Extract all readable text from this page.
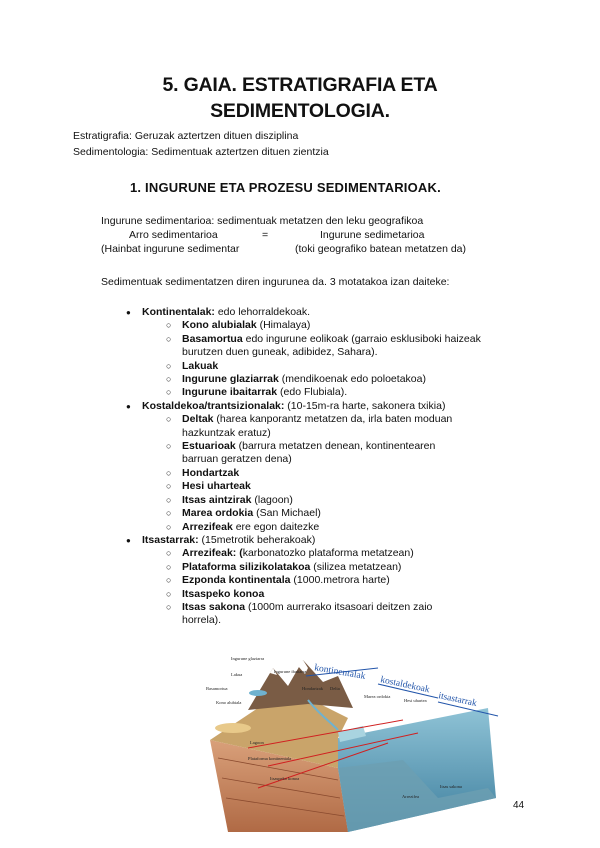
5. GAIA. ESTRATIGRAFIA ETA
SEDIMENTOLOGIA.
Estratigrafia: Geruzak aztertzen dituen disziplina
Sedimentologia: Sedimentuak aztertzen dituen zientzia
1. INGURUNE ETA PROZESU SEDIMENTARIOAK.
Ingurune sedimentarioa: sedimentuak metatzen den leku geografikoa
Arro sedimentarioa	=	Ingurune sedimetarioa
(Hainbat ingurune sedimentar	(toki geografiko batean metatzen da)
Sedimentuak sedimentatzen diren ingurunea da. 3 motatakoa izan daiteke:
● Kontinentalak: edo lehorraldekoak.
○ Kono alubialak (Himalaya)
○ Basamortua edo ingurune eolikoak (garraio esklusiboki haizeak burutzen duen guneak, adibidez, Sahara).
○ Lakuak
○ Ingurune glaziarrak (mendikoenak edo poloetakoa)
○ Ingurune ibaitarrak (edo Flubiala).
● Kostaldekoa/trantsizionalak: (10-15m-ra harte, sakonera txikia)
○ Deltak (harea kanporantz metatzen da, irla baten moduan hazkuntzak eratuz)
○ Estuarioak (barrura metatzen denean, kontinentearen barruan geratzen dena)
○ Hondartzak
○ Hesi uharteak
○ Itsas aintzirak (lagoon)
○ Marea ordokia (San Michael)
○ Arrezifeak ere egon daitezke
● Itsastarrak: (15metrotik beherakoak)
○ Arrezifeak: (karbonatozko plataforma metatzean)
○ Plataforma silizikolatakoa (silizea metatzean)
○ Ezponda kontinentala (1000.metrora harte)
○ Itsaspeko konoa
○ Itsas sakona (1000m aurrerako itsasoari deitzen zaio horrela).
kontinentalak
kostaldekoak
itsastarrak
Ingurune glaziarra
Lakua
Ingurune ibaitarra
Basamortua
Kono alubiala
Hondartzak Delta
Marea ordokia
Hesi uhartea
Lagoon
Plataforma kontinentala
Itsaspeko konoa
Arrezifea
Itsas sakona
44
